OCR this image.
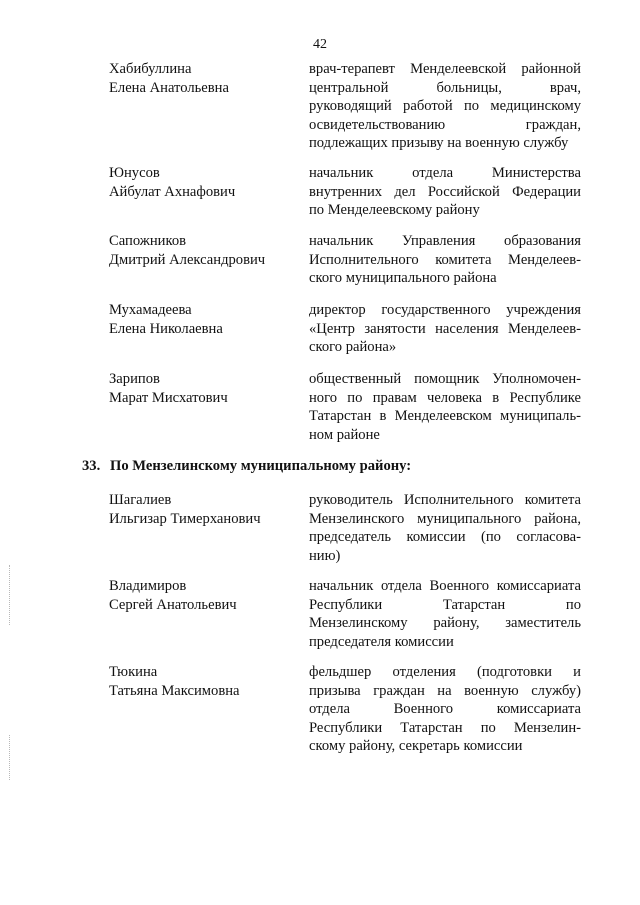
42
Хабибуллина
Елена Анатольевна
врач-терапевт Менделеевской районной
центральной больницы, врач,
руководящий работой по медицинскому
освидетельствованию граждан,
подлежащих призыву на военную службу
Юнусов
Айбулат Ахнафович
начальник отдела Министерства
внутренних дел Российской Федерации
по Менделеевскому району
Сапожников
Дмитрий Александрович
начальник Управления образования
Исполнительного комитета Менделеев-
ского муниципального района
Мухамадеева
Елена Николаевна
директор государственного учреждения
«Центр занятости населения Менделеев-
ского района»
Зарипов
Марат Мисхатович
общественный помощник Уполномочен-
ного по правам человека в Республике
Татарстан в Менделеевском муниципаль-
ном районе
33. По Мензелинскому муниципальному району:
Шагалиев
Ильгизар Тимерханович
руководитель Исполнительного комитета
Мензелинского муниципального района,
председатель комиссии (по согласова-
нию)
Владимиров
Сергей Анатольевич
начальник отдела Военного комиссариата
Республики Татарстан по
Мензелинскому району, заместитель
председателя комиссии
Тюкина
Татьяна Максимовна
фельдшер отделения (подготовки и
призыва граждан на военную службу)
отдела Военного комиссариата
Республики Татарстан по Мензелин-
скому району, секретарь комиссии
